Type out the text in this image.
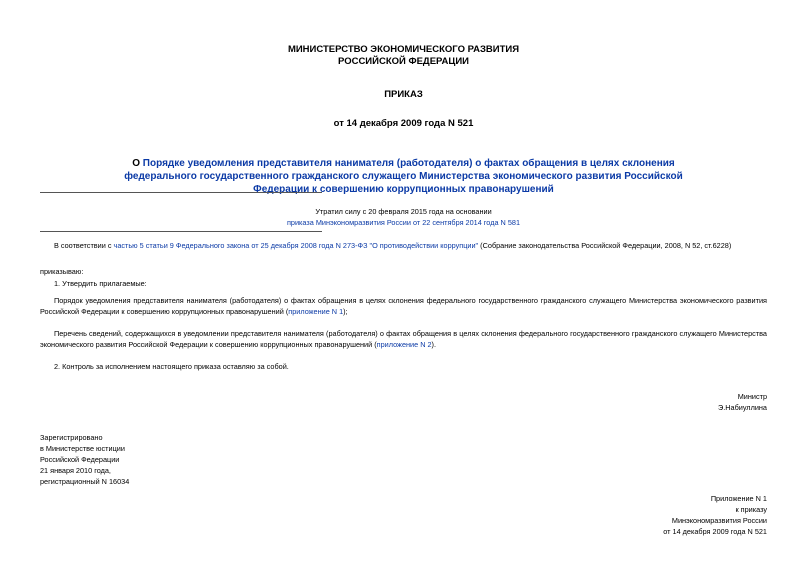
МИНИСТЕРСТВО ЭКОНОМИЧЕСКОГО РАЗВИТИЯ
РОССИЙСКОЙ ФЕДЕРАЦИИ
ПРИКАЗ
от 14 декабря 2009 года N 521
О Порядке уведомления представителя нанимателя (работодателя) о фактах обращения в целях склонения федерального государственного гражданского служащего Министерства экономического развития Российской Федерации к совершению коррупционных правонарушений
Утратил силу с 20 февраля 2015 года на основании
приказа Минэкономразвития России от 22 сентября 2014 года N 581
В соответствии с частью 5 статьи 9 Федерального закона от 25 декабря 2008 года N 273-ФЗ "О противодействии коррупции" (Собрание законодательства Российской Федерации, 2008, N 52, ст.6228)
приказываю:
1. Утвердить прилагаемые:
Порядок уведомления представителя нанимателя (работодателя) о фактах обращения в целях склонения федерального государственного гражданского служащего Министерства экономического развития Российской Федерации к совершению коррупционных правонарушений (приложение N 1);
Перечень сведений, содержащихся в уведомлении представителя нанимателя (работодателя) о фактах обращения в целях склонения федерального государственного гражданского служащего Министерства экономического развития Российской Федерации к совершению коррупционных правонарушений (приложение N 2).
2. Контроль за исполнением настоящего приказа оставляю за собой.
Министр
Э.Набиуллина
Зарегистрировано
в Министерстве юстиции
Российской Федерации
21 января 2010 года,
регистрационный N 16034
Приложение N 1
к приказу
Минэкономразвития России
от 14 декабря 2009 года N 521
